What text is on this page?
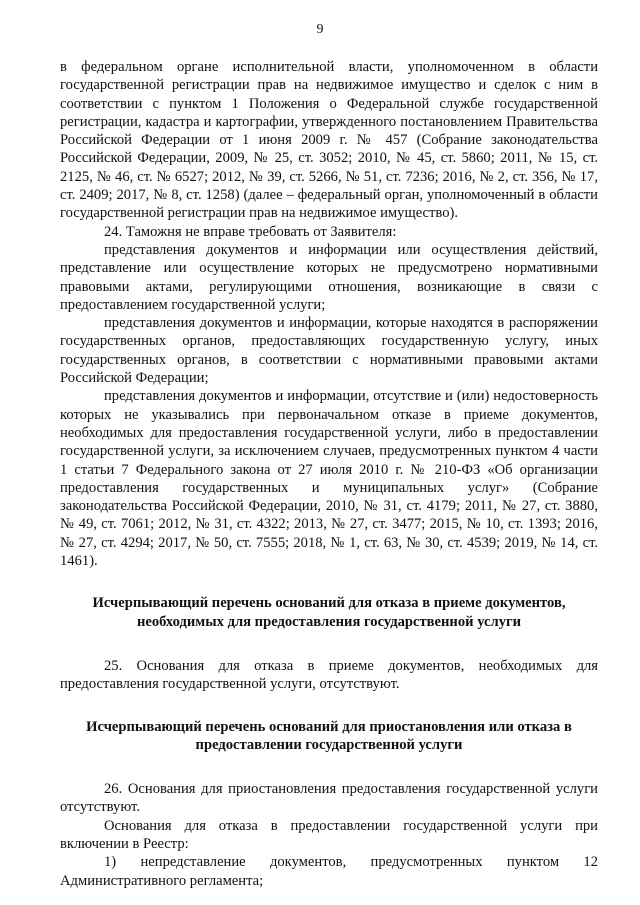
9

в федеральном органе исполнительной власти, уполномоченном в области государственной регистрации прав на недвижимое имущество и сделок с ним в соответствии с пунктом 1 Положения о Федеральной службе государственной регистрации, кадастра и картографии, утвержденного постановлением Правительства Российской Федерации от 1 июня 2009 г. № 457 (Собрание законодательства Российской Федерации, 2009, № 25, ст. 3052; 2010, № 45, ст. 5860; 2011, № 15, ст. 2125, № 46, ст. № 6527; 2012, № 39, ст. 5266, № 51, ст. 7236; 2016, № 2, ст. 356, № 17, ст. 2409; 2017, № 8, ст. 1258) (далее – федеральный орган, уполномоченный в области государственной регистрации прав на недвижимое имущество).

24. Таможня не вправе требовать от Заявителя:

представления документов и информации или осуществления действий, представление или осуществление которых не предусмотрено нормативными правовыми актами, регулирующими отношения, возникающие в связи с предоставлением государственной услуги;

представления документов и информации, которые находятся в распоряжении государственных органов, предоставляющих государственную услугу, иных государственных органов, в соответствии с нормативными правовыми актами Российской Федерации;

представления документов и информации, отсутствие и (или) недостоверность которых не указывались при первоначальном отказе в приеме документов, необходимых для предоставления государственной услуги, либо в предоставлении государственной услуги, за исключением случаев, предусмотренных пунктом 4 части 1 статьи 7 Федерального закона от 27 июля 2010 г. № 210-ФЗ «Об организации предоставления государственных и муниципальных услуг» (Собрание законодательства Российской Федерации, 2010, № 31, ст. 4179; 2011, № 27, ст. 3880, № 49, ст. 7061; 2012, № 31, ст. 4322; 2013, № 27, ст. 3477; 2015, № 10, ст. 1393; 2016, № 27, ст. 4294; 2017, № 50, ст. 7555; 2018, № 1, ст. 63, № 30, ст. 4539; 2019, № 14, ст. 1461).

Исчерпывающий перечень оснований для отказа в приеме документов, необходимых для предоставления государственной услуги

25. Основания для отказа в приеме документов, необходимых для предоставления государственной услуги, отсутствуют.

Исчерпывающий перечень оснований для приостановления или отказа в предоставлении государственной услуги

26. Основания для приостановления предоставления государственной услуги отсутствуют.

Основания для отказа в предоставлении государственной услуги при включении в Реестр:

1) непредставление документов, предусмотренных пунктом 12 Административного регламента;
